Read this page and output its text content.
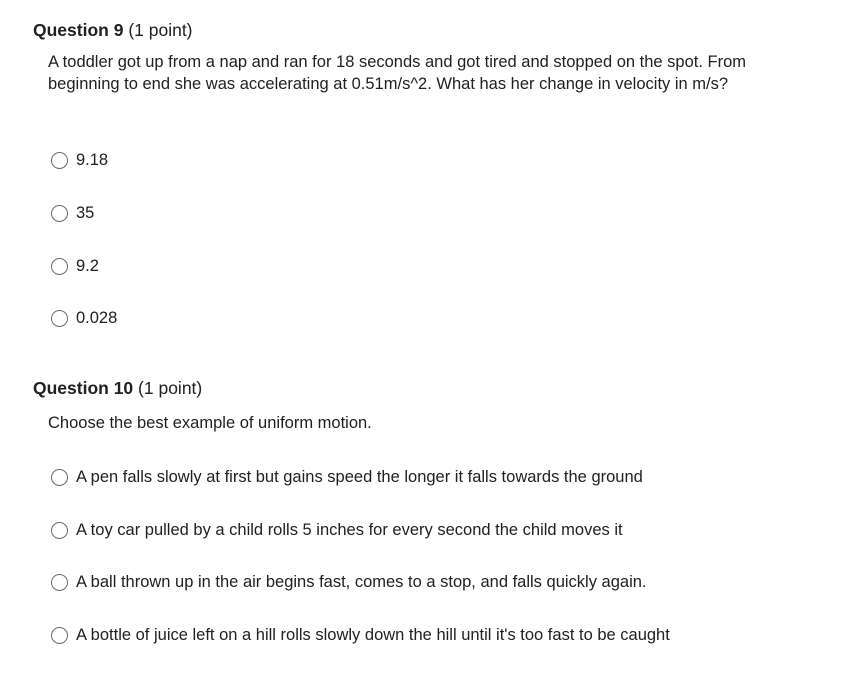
Question 9 (1 point)
A toddler got up from a nap and ran for 18 seconds and got tired and stopped on the spot. From beginning to end she was accelerating at 0.51m/s^2. What has her change in velocity in m/s?
9.18
35
9.2
0.028
Question 10 (1 point)
Choose the best example of uniform motion.
A pen falls slowly at first but gains speed the longer it falls towards the ground
A toy car pulled by a child rolls 5 inches for every second the child moves it
A ball thrown up in the air begins fast, comes to a stop, and falls quickly again.
A bottle of juice left on a hill rolls slowly down the hill until it's too fast to be caught
